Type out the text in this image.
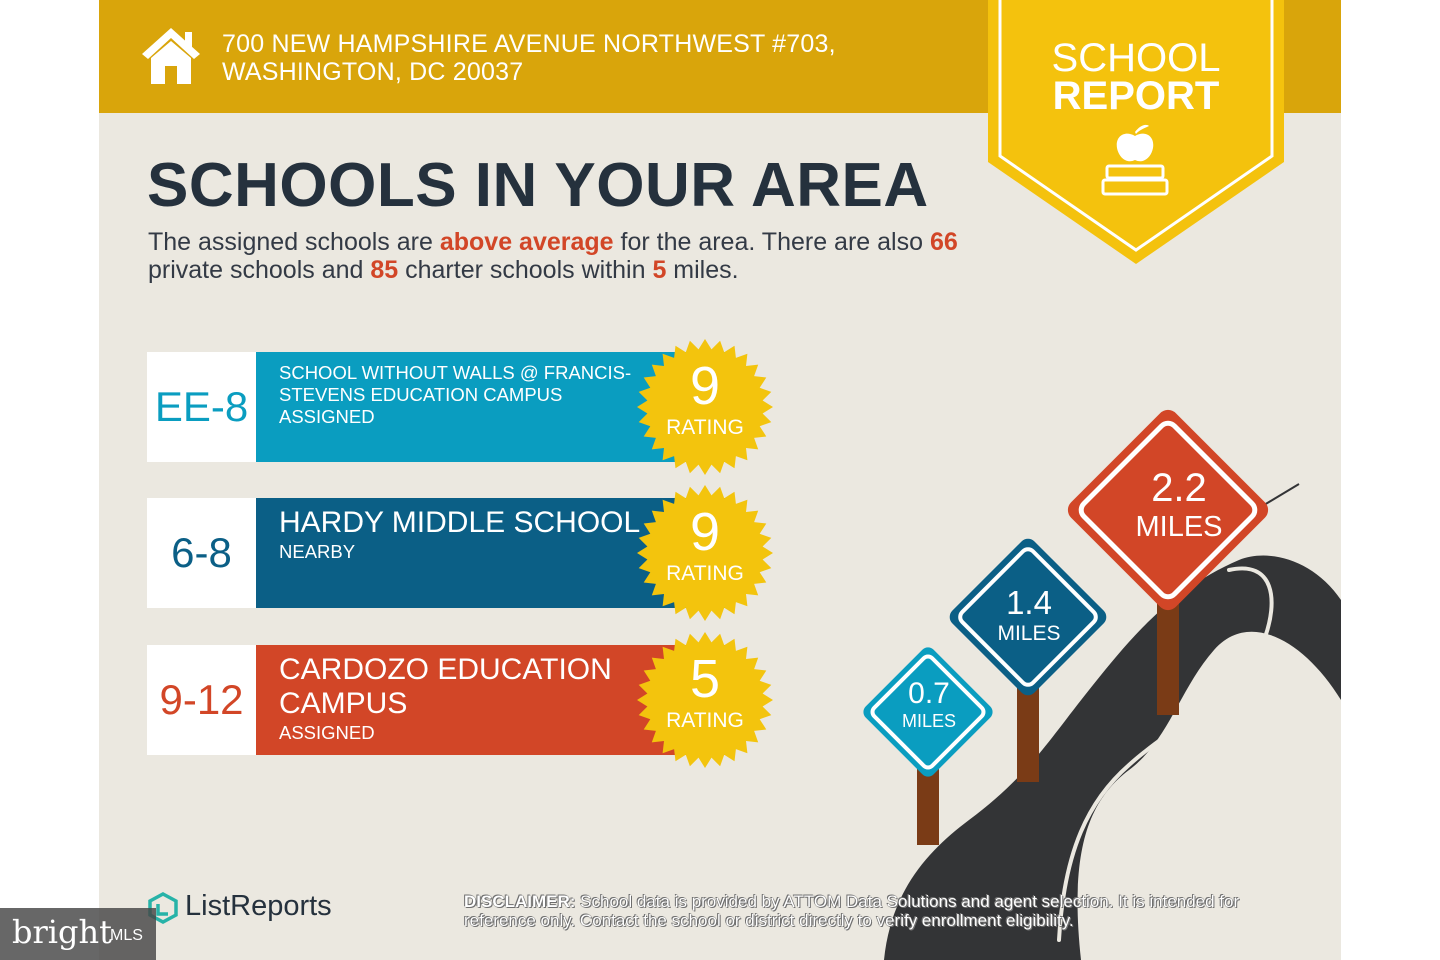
700 NEW HAMPSHIRE AVENUE NORTHWEST #703,
WASHINGTON, DC 20037	SCHOOL
REPORT
SCHOOLS IN YOUR AREA
The assigned schools are above average for the area. There are also 66 private schools and 85 charter schools within 5 miles.
EE-8
SCHOOL WITHOUT WALLS @ FRANCIS-STEVENS EDUCATION CAMPUS
ASSIGNED
9
RATING
6-8
HARDY MIDDLE SCHOOL
NEARBY	9
RATING
9-12
CARDOZO EDUCATION CAMPUS
ASSIGNED
5
RATING
0.7
MILES
1.4
MILES
2.2
MILES
ListReports	DISCLAIMER: School data is provided by ATTOM Data Solutions and agent selection. It is intended for reference only. Contact the school or district directly to verify enrollment eligibility.
bright
MLS
